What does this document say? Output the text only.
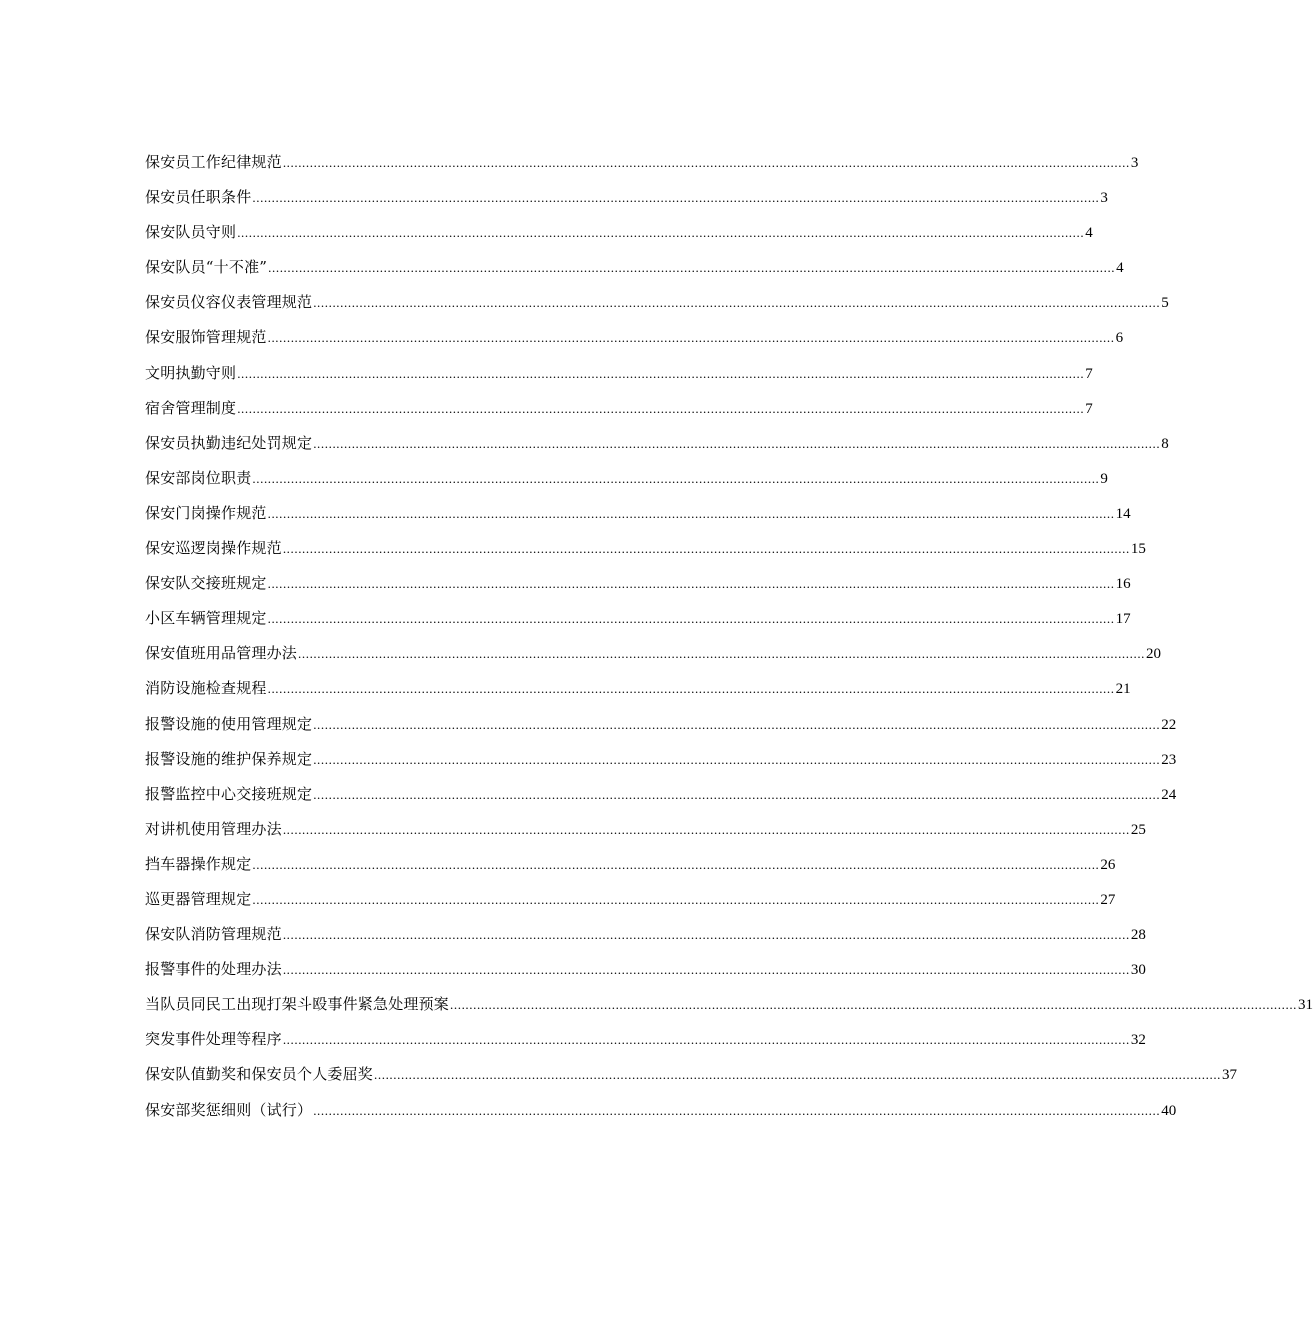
保安员工作纪律规范 ............................................................................................................................................................................................................................ 3
保安员任职条件 ............................................................................................................................................................................................................................ 3
保安队员守则 ............................................................................................................................................................................................................................ 4
保安队员“十不准” ............................................................................................................................................................................................................................ 4
保安员仪容仪表管理规范 ............................................................................................................................................................................................................................ 5
保安服饰管理规范 ............................................................................................................................................................................................................................ 6
文明执勤守则 ............................................................................................................................................................................................................................ 7
宿舍管理制度 ............................................................................................................................................................................................................................ 7
保安员执勤违纪处罚规定 ............................................................................................................................................................................................................................ 8
保安部岗位职责 ............................................................................................................................................................................................................................ 9
保安门岗操作规范 ............................................................................................................................................................................................................................ 14
保安巡逻岗操作规范 ............................................................................................................................................................................................................................ 15
保安队交接班规定 ............................................................................................................................................................................................................................ 16
小区车辆管理规定 ............................................................................................................................................................................................................................ 17
保安值班用品管理办法 ............................................................................................................................................................................................................................ 20
消防设施检查规程 ............................................................................................................................................................................................................................ 21
报警设施的使用管理规定 ............................................................................................................................................................................................................................ 22
报警设施的维护保养规定 ............................................................................................................................................................................................................................ 23
报警监控中心交接班规定 ............................................................................................................................................................................................................................ 24
对讲机使用管理办法 ............................................................................................................................................................................................................................ 25
挡车器操作规定 ............................................................................................................................................................................................................................ 26
巡更器管理规定 ............................................................................................................................................................................................................................ 27
保安队消防管理规范 ............................................................................................................................................................................................................................ 28
报警事件的处理办法 ............................................................................................................................................................................................................................ 30
当队员同民工出现打架斗殴事件紧急处理预案 ............................................................................................................................................................................................................................ 31
突发事件处理等程序 ............................................................................................................................................................................................................................ 32
保安队值勤奖和保安员个人委屈奖 ............................................................................................................................................................................................................................ 37
保安部奖惩细则（试行） ............................................................................................................................................................................................................................ 40
